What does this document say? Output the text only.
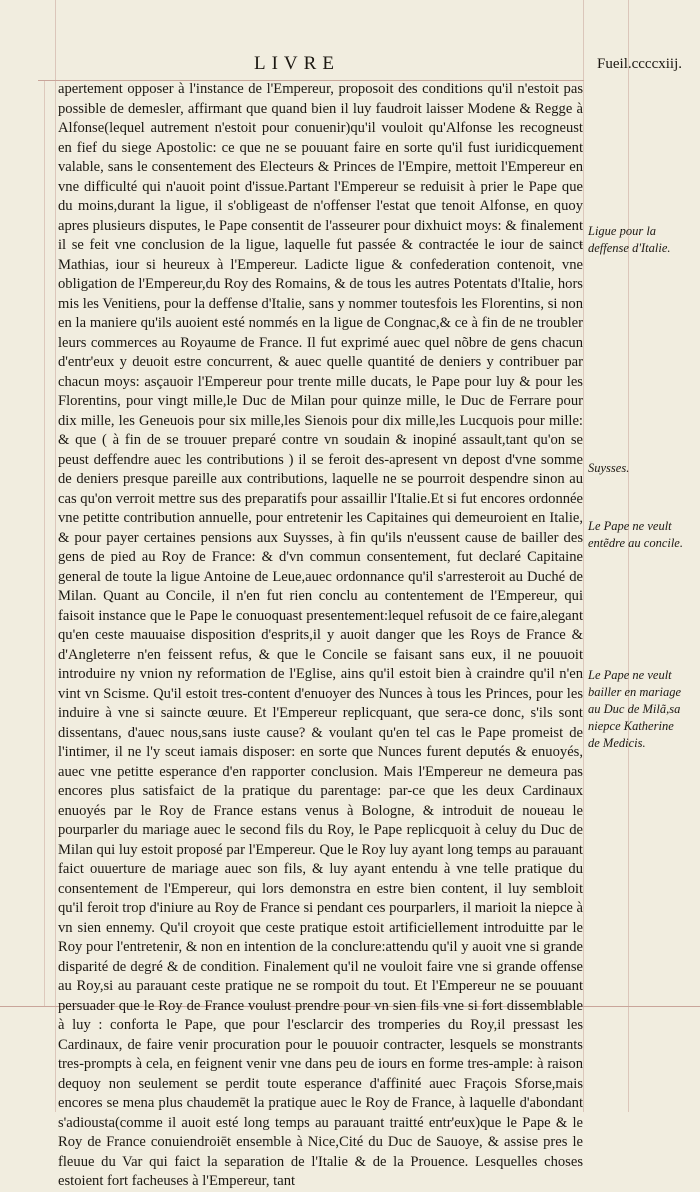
LIVRE	Fueil.ccccxiij.
apertement opposer à l'instance de l'Empereur, proposoit des conditions qu'il n'estoit pas possible de demesler, affirmant que quand bien il luy faudroit laisser Modene & Regge à Alfonse(lequel autrement n'estoit pour conuenir)qu'il vouloit qu'Alfonse les recogneust en fief du siege Apostolic: ce que ne se pouuant faire en sorte qu'il fust iuridicquement valable, sans le consentement des Electeurs & Princes de l'Empire, mettoit l'Empereur en vne difficulté qui n'auoit point d'issue.Partant l'Empereur se reduisit à prier le Pape que du moins,durant la ligue, il s'obligeast de n'offenser l'estat que tenoit Alfonse, en quoy apres plusieurs disputes, le Pape consentit de l'asseurer pour dixhuict moys: & finalement il se feit vne conclusion de la ligue, laquelle fut passée & contractée le iour de saincŧ Mathias, iour si heureux à l'Empereur. Ladicte ligue & confederation contenoit, vne obligation de l'Empereur,du Roy des Romains, & de tous les autres Potentats d'Italie, hors mis les Venitiens, pour la deffense d'Italie, sans y nommer toutesfois les Florentins, si non en la maniere qu'ils auoient esté nommés en la ligue de Congnac,& ce à fin de ne troubler leurs commerces au Royaume de France. Il fut exprimé auec quel nõbre de gens chacun d'entr'eux y deuoit estre concurrent, & auec quelle quantité de deniers y contribuer par chacun moys: asçauoir l'Empereur pour trente mille ducats, le Pape pour luy & pour les Florentins, pour vingt mille,le Duc de Milan pour quinze mille, le Duc de Ferrare pour dix mille, les Geneuois pour six mille,les Sienois pour dix mille,les Lucquois pour mille: & que ( à fin de se trouuer preparé contre vn soudain & inopiné assault,tant qu'on se peust deffendre auec les contributions ) il se feroit des-apresent vn depost d'vne somme de deniers presque pareille aux contributions, laquelle ne se pourroit despendre sinon au cas qu'on verroit mettre sus des preparatifs pour assaillir l'Italie.Et si fut encores ordonnée vne petitte contribution annuelle, pour entretenir les Capitaines qui demeuroient en Italie, & pour payer certaines pensions aux Suysses, à fin qu'ils n'eussent cause de bailler des gens de pied au Roy de France: & d'vn commun consentement, fut declaré Capitaine general de toute la ligue Antoine de Leue,auec ordonnance qu'il s'arresteroit au Duché de Milan. Quant au Concile, il n'en fut rien conclu au contentement de l'Empereur, qui faisoit instance que le Pape le conuoquast presentement:lequel refusoit de ce faire,alegant qu'en ceste mauuaise disposition d'esprits,il y auoit danger que les Roys de France & d'Angleterre n'en feissent refus, & que le Concile se faisant sans eux, il ne pouuoit introduire ny vnion ny reformation de l'Eglise, ains qu'il estoit bien à craindre qu'il n'en vint vn Scisme. Qu'il estoit tres-content d'enuoyer des Nunces à tous les Princes, pour les induire à vne si saincte œuure. Et l'Empereur replicquant, que sera-ce donc, s'ils sont dissentans, d'auec nous,sans iuste cause? & voulant qu'en tel cas le Pape promeist de l'intimer, il ne l'y sceut iamais disposer: en sorte que Nunces furent deputés & enuoyés, auec vne petitte esperance d'en rapporter conclusion. Mais l'Empereur ne demeura pas encores plus satisfaict de la pratique du parentage: par-ce que les deux Cardinaux enuoyés par le Roy de France estans venus à Bologne, & introduit de noueau le pourparler du mariage auec le second fils du Roy, le Pape replicquoit à celuy du Duc de Milan qui luy estoit proposé par l'Empereur. Que le Roy luy ayant long temps au parauant faict ouuerture de mariage auec son fils, & luy ayant entendu à vne telle pratique du consentement de l'Empereur, qui lors demonstra en estre bien content, il luy sembloit qu'il feroit trop d'iniure au Roy de France si pendant ces pourparlers, il marioit la niepce à vn sien ennemy. Qu'il croyoit que ceste pratique estoit artificiellement introduitte par le Roy pour l'entretenir, & non en intention de la conclure:attendu qu'il y auoit vne si grande disparité de degré & de condition. Finalement qu'il ne vouloit faire vne si grande offense au Roy,si au parauant ceste pratique ne se rompoit du tout. Et l'Empereur ne se pouuant persuader que le Roy de France voulust prendre pour vn sien fils vne si fort dissemblable à luy : conforta le Pape, que pour l'esclarcir des tromperies du Roy,il pressast les Cardinaux, de faire venir procuration pour le pouuoir contracter, lesquels se monstrants tres-prompts à cela, en feignent venir vne dans peu de iours en forme tres-ample: à raison dequoy non seulement se perdit toute esperance d'affinité auec Fraçois Sforse,mais encores se mena plus chaudemēt la pratique auec le Roy de France, à laquelle d'abondant s'adiousta(comme il auoit esté long temps au parauant traitté entr'eux)que le Pape & le Roy de France conuiendroiēt ensemble à Nice,Cité du Duc de Sauoye, & assise pres le fleuue du Var qui faict la separation de l'Italie & de la Prouence. Lesquelles choses estoient fort facheuses à l'Empereur, tant
Ligue pour la deffense d'Italie.
Suysses.
Le Pape ne veult entẽdre au concile.
Le Pape ne veult bailler en mariage au Duc de Milã,sa niepce Katherine de Medicis.
